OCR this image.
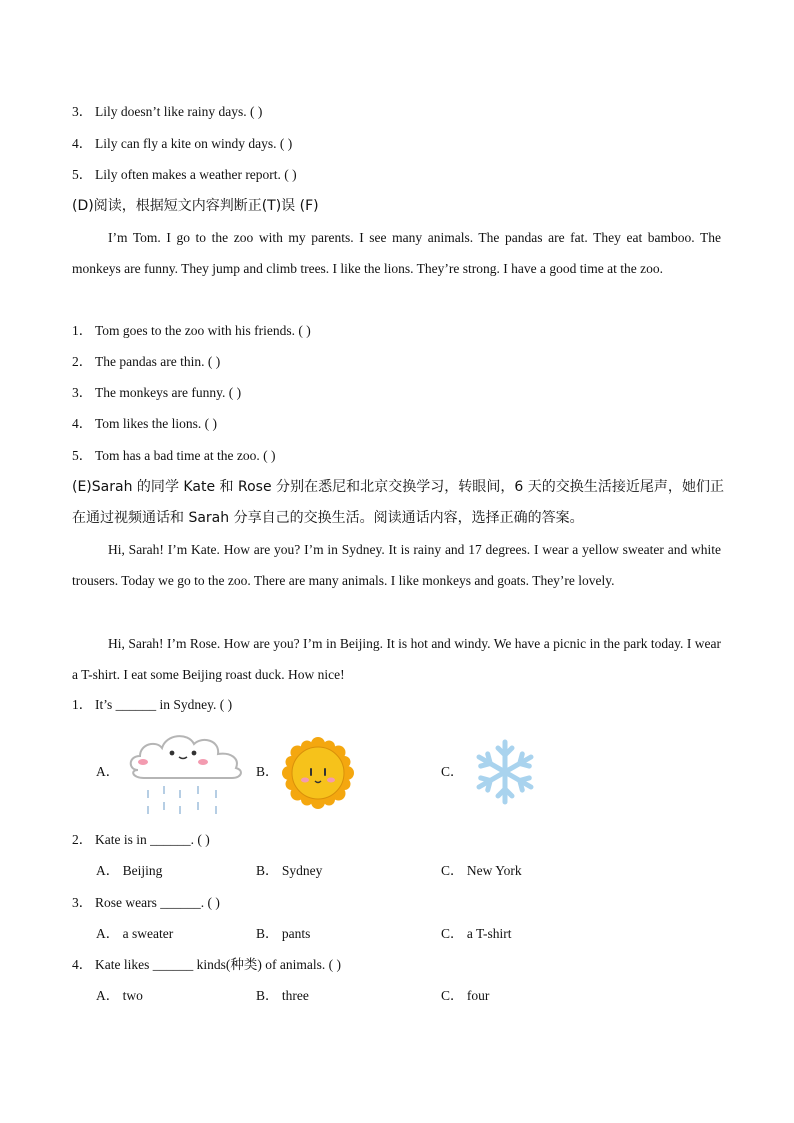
3． Lily doesn’t like rainy days. ( )
4． Lily can fly a kite on windy days. ( )
5． Lily often makes a weather report. ( )
(D)阅读，根据短文内容判断正(T)误 (F)
I’m Tom. I go to the zoo with my parents. I see many animals. The pandas are fat. They eat bamboo. The monkeys are funny. They jump and climb trees. I like the lions. They’re strong. I have a good time at the zoo.
1． Tom goes to the zoo with his friends. ( )
2． The pandas are thin. ( )
3． The monkeys are funny. ( )
4． Tom likes the lions. ( )
5． Tom has a bad time at the zoo. ( )
(E)Sarah 的同学 Kate 和 Rose 分别在悉尼和北京交换学习，转眼间，6 天的交换生活接近尾声，她们正在通过视频通话和 Sarah 分享自己的交换生活。阅读通话内容，选择正确的答案。
Hi, Sarah! I’m Kate. How are you? I’m in Sydney. It is rainy and 17 degrees. I wear a yellow sweater and white trousers. Today we go to the zoo. There are many animals. I like monkeys and goats. They’re lovely.
Hi, Sarah! I’m Rose. How are you? I’m in Beijing. It is hot and windy. We have a picnic in the park today. I wear a T-shirt. I eat some Beijing roast duck. How nice!
1． It’s ______ in Sydney. ( )
A．	B．	C．
2． Kate is in ______. ( )
A． Beijing	B． Sydney	C． New York
3． Rose wears ______. ( )
A． a sweater	B． pants	C． a T-shirt
4． Kate likes ______ kinds(种类) of animals. ( )
A． two	B． three	C． four
